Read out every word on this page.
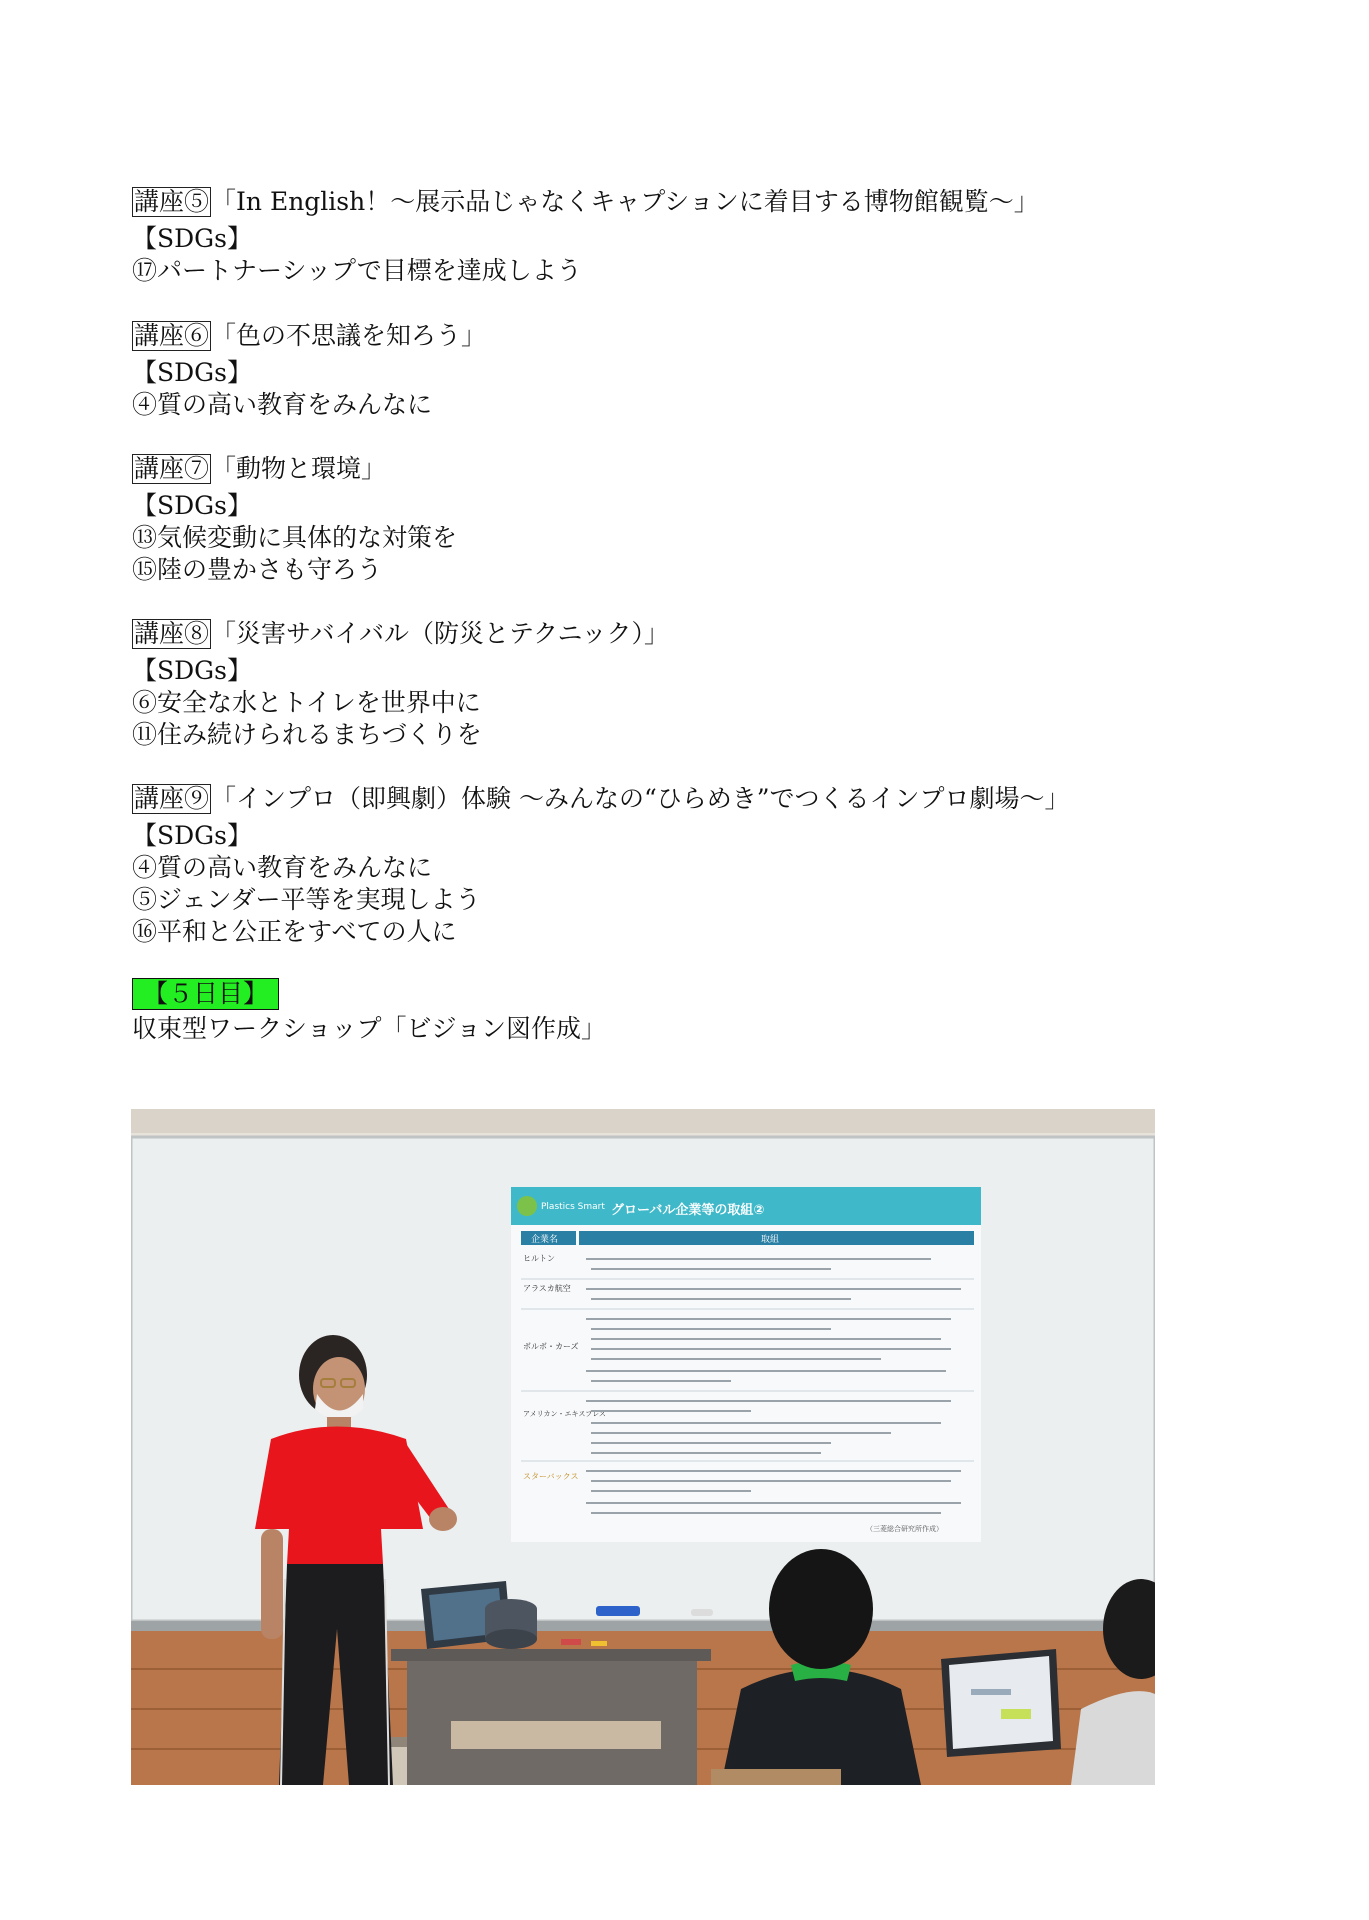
講座⑤「In English！～展示品じゃなくキャプションに着目する博物館観覧～」
【SDGs】
⑰パートナーシップで目標を達成しよう
講座⑥「色の不思議を知ろう」
【SDGs】
④質の高い教育をみんなに
講座⑦「動物と環境」
【SDGs】
⑬気候変動に具体的な対策を
⑮陸の豊かさも守ろう
講座⑧「災害サバイバル（防災とテクニック）」
【SDGs】
⑥安全な水とトイレを世界中に
⑪住み続けられるまちづくりを
講座⑨「インプロ（即興劇）体験 ～みんなの“ひらめき”でつくるインプロ劇場～」
【SDGs】
④質の高い教育をみんなに
⑤ジェンダー平等を実現しよう
⑯平和と公正をすべての人に
【５日目】
収束型ワークショップ「ビジョン図作成」
Plastics Smart グローバル企業等の取組②
企業名	取組
ヒルトン
アラスカ航空
ボルボ・カーズ
アメリカン・エキスプレス
スターバックス
（三菱総合研究所作成）
